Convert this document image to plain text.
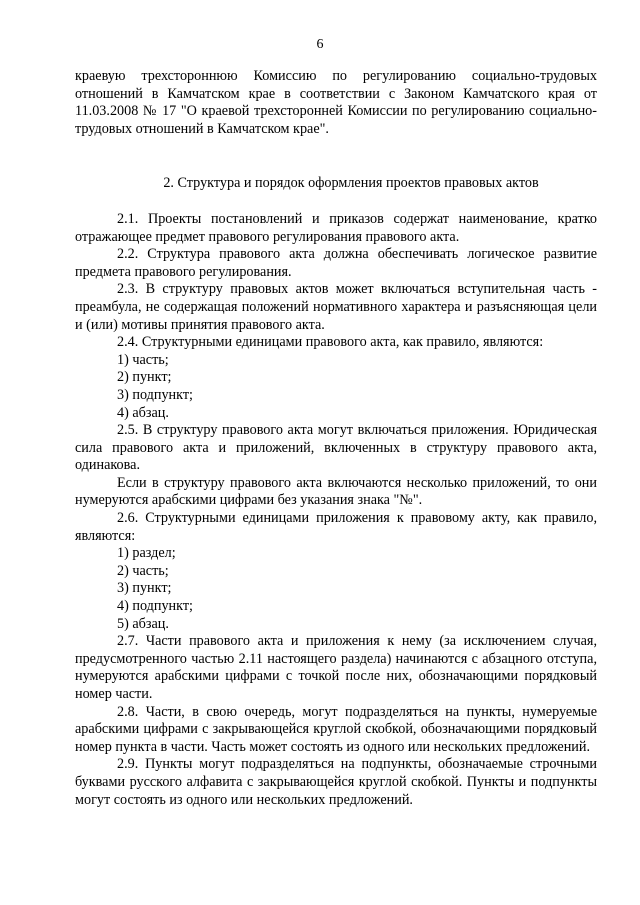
6

краевую трехстороннюю Комиссию по регулированию социально-трудовых отношений в Камчатском крае в соответствии с Законом Камчатского края от 11.03.2008 № 17 "О краевой трехсторонней Комиссии по регулированию социально-трудовых отношений в Камчатском крае".

2. Структура и порядок оформления проектов правовых актов

2.1. Проекты постановлений и приказов содержат наименование, кратко отражающее предмет правового регулирования правового акта.

2.2. Структура правового акта должна обеспечивать логическое развитие предмета правового регулирования.

2.3. В структуру правовых актов может включаться вступительная часть - преамбула, не содержащая положений нормативного характера и разъясняющая цели и (или) мотивы принятия правового акта.

2.4. Структурными единицами правового акта, как правило, являются:

1) часть;
2) пункт;
3) подпункт;
4) абзац.

2.5. В структуру правового акта могут включаться приложения. Юридическая сила правового акта и приложений, включенных в структуру правового акта, одинакова.

Если в структуру правового акта включаются несколько приложений, то они нумеруются арабскими цифрами без указания знака "№".

2.6. Структурными единицами приложения к правовому акту, как правило, являются:

1) раздел;
2) часть;
3) пункт;
4) подпункт;
5) абзац.

2.7. Части правового акта и приложения к нему (за исключением случая, предусмотренного частью 2.11 настоящего раздела) начинаются с абзацного отступа, нумеруются арабскими цифрами с точкой после них, обозначающими порядковый номер части.

2.8. Части, в свою очередь, могут подразделяться на пункты, нумеруемые арабскими цифрами с закрывающейся круглой скобкой, обозначающими порядковый номер пункта в части. Часть может состоять из одного или нескольких предложений.

2.9. Пункты могут подразделяться на подпункты, обозначаемые строчными буквами русского алфавита с закрывающейся круглой скобкой. Пункты и подпункты могут состоять из одного или нескольких предложений.
